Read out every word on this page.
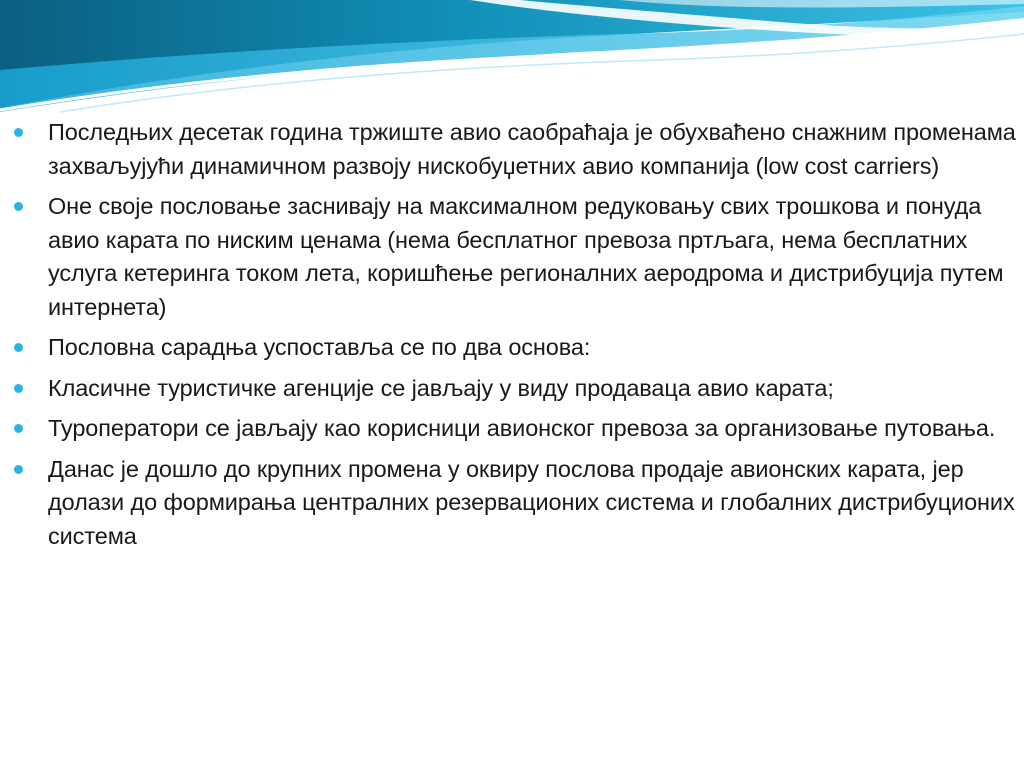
Последњих десетак година тржиште авио саобраћаја је обухваћено снажним променама захваљујући динамичном развоју нискобуџетних авио компанија (low cost carriers)
Оне своје пословање заснивају на максималном редуковању свих трошкова и понуда авио карата по ниским ценама (нема бесплатног превоза пртљага, нема бесплатних услуга кетеринга током лета, коришћење регионалних аеродрома и дистрибуција путем интернета)
Пословна сарадња успоставља се по два основа:
Класичне туристичке агенције се јављају у виду продаваца авио карата;
Туроператори се јављају као корисници авионског превоза за организовање путовања.
Данас је дошло до крупних промена у оквиру послова продаје авионских карата, јер долази до формирања централних резервационих система и глобалних дистрибуционих система
